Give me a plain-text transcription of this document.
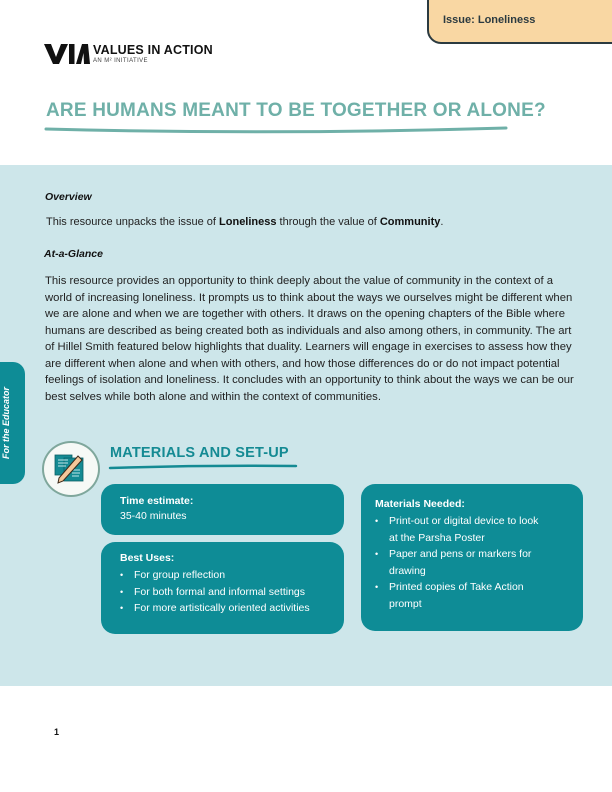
Issue: Loneliness
VALUES IN ACTION
AN M² INITIATIVE
ARE HUMANS MEANT TO BE TOGETHER OR ALONE?
For the Educator
Overview
This resource unpacks the issue of Loneliness through the value of Community.
At-a-Glance
This resource provides an opportunity to think deeply about the value of community in the context of a world of increasing loneliness. It prompts us to think about the ways we ourselves might be different when we are alone and when we are together with others. It draws on the opening chapters of the Bible where humans are described as being created both as individuals and also among others, in community. The art of Hillel Smith featured below highlights that duality. Learners will engage in exercises to assess how they are different when alone and when with others, and how those differences do or do not impact potential feelings of isolation and loneliness. It concludes with an opportunity to think about the ways we can be our best selves while both alone and within the context of communities.
MATERIALS AND SET-UP
Time estimate:
35-40 minutes
Best Uses:
• For group reflection
• For both formal and informal settings
• For more artistically oriented activities
Materials Needed:
• Print-out or digital device to look at the Parsha Poster
• Paper and pens or markers for drawing
• Printed copies of Take Action prompt
1
